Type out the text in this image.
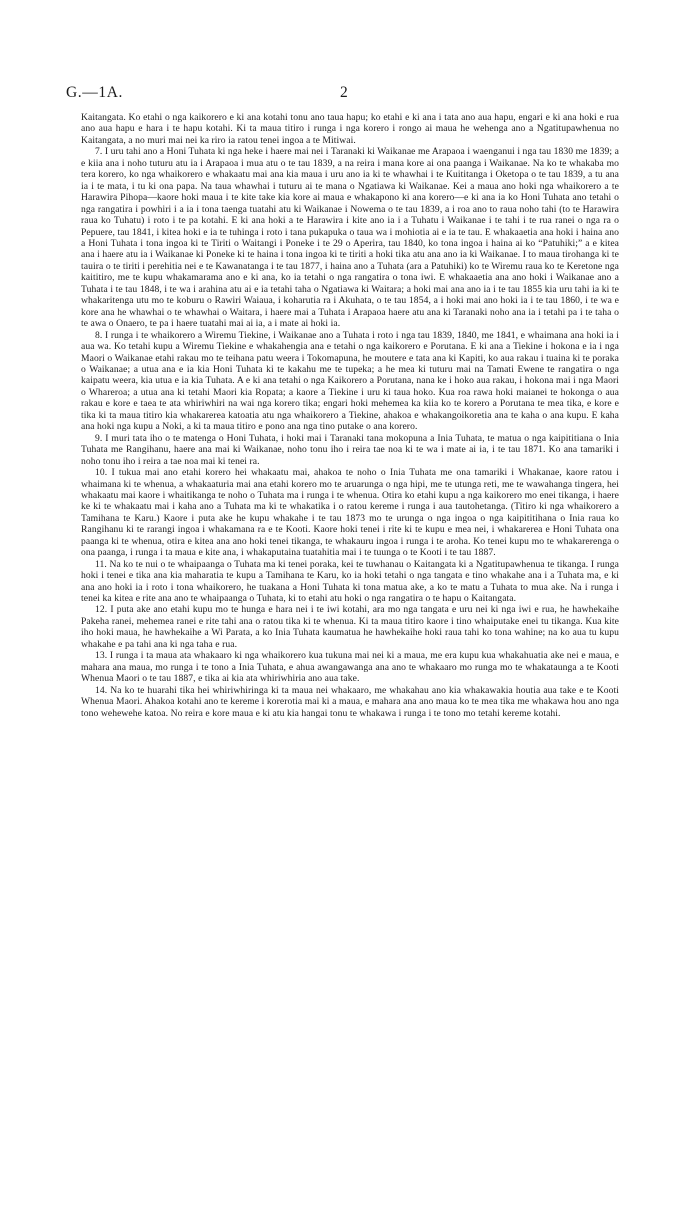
G.—1A.	2

Kaitangata. Ko etahi o nga kaikorero e ki ana kotahi tonu ano taua hapu; ko etahi e ki ana i tata ano aua hapu, engari e ki ana hoki e rua ano aua hapu e hara i te hapu kotahi. Ki ta maua titiro i runga i nga korero i rongo ai maua he wehenga ano a Ngatitupawhenua no Kaitangata, a no muri mai nei ka riro ia ratou tenei ingoa a te Mitiwai.

7. I uru tahi ano a Honi Tuhata ki nga heke i haere mai nei i Taranaki ki Waikanae me Arapaoa i waenganui i nga tau 1830 me 1839; a e kiia ana i noho tuturu atu ia i Arapaoa i mua atu o te tau 1839, a na reira i mana kore ai ona paanga i Waikanae. Na ko te whakaba mo tera korero, ko nga whaikorero e whakaatu mai ana kia maua i uru ano ia ki te whawhai i te Kuititanga i Oketopa o te tau 1839, a tu ana ia i te mata, i tu ki ona papa. Na taua whawhai i tuturu ai te mana o Ngatiawa ki Waikanae. Kei a maua ano hoki nga whaikorero a te Harawira Pihopa—kaore hoki maua i te kite take kia kore ai maua e whakapono ki ana korero—e ki ana ia ko Honi Tuhata ano tetahi o nga rangatira i powhiri i a ia i tona taenga tuatahi atu ki Waikanae i Nowema o te tau 1839, a i roa ano to raua noho tahi (to te Harawira raua ko Tuhatu) i roto i te pa kotahi. E ki ana hoki a te Harawira i kite ano ia i a Tuhatu i Waikanae i te tahi i te rua ranei o nga ra o Pepuere, tau 1841, i kitea hoki e ia te tuhinga i roto i tana pukapuka o taua wa i mohiotia ai e ia te tau. E whakaaetia ana hoki i haina ano a Honi Tuhata i tona ingoa ki te Tiriti o Waitangi i Poneke i te 29 o Aperira, tau 1840, ko tona ingoa i haina ai ko “Patuhiki;” a e kitea ana i haere atu ia i Waikanae ki Poneke ki te haina i tona ingoa ki te tiriti a hoki tika atu ana ano ia ki Waikanae. I to maua tirohanga ki te tauira o te tiriti i perehitia nei e te Kawanatanga i te tau 1877, i haina ano a Tuhata (ara a Patuhiki) ko te Wiremu raua ko te Keretone nga kaititiro, me te kupu whakamarama ano e ki ana, ko ia tetahi o nga rangatira o tona iwi. E whakaaetia ana ano hoki i Waikanae ano a Tuhata i te tau 1848, i te wa i arahina atu ai e ia tetahi taha o Ngatiawa ki Waitara; a hoki mai ana ano ia i te tau 1855 kia uru tahi ia ki te whakaritenga utu mo te koburu o Rawiri Waiaua, i koharutia ra i Akuhata, o te tau 1854, a i hoki mai ano hoki ia i te tau 1860, i te wa e kore ana he whawhai o te whawhai o Waitara, i haere mai a Tuhata i Arapaoa haere atu ana ki Taranaki noho ana ia i tetahi pa i te taha o te awa o Onaero, te pa i haere tuatahi mai ai ia, a i mate ai hoki ia.

8. I runga i te whaikorero a Wiremu Tiekine, i Waikanae ano a Tuhata i roto i nga tau 1839, 1840, me 1841, e whaimana ana hoki ia i aua wa. Ko tetahi kupu a Wiremu Tiekine e whakahengia ana e tetahi o nga kaikorero e Porutana. E ki ana a Tiekine i hokona e ia i nga Maori o Waikanae etahi rakau mo te teihana patu weera i Tokomapuna, he moutere e tata ana ki Kapiti, ko aua rakau i tuaina ki te poraka o Waikanae; a utua ana e ia kia Honi Tuhata ki te kakahu me te tupeka; a he mea ki tuturu mai na Tamati Ewene te rangatira o nga kaipatu weera, kia utua e ia kia Tuhata. A e ki ana tetahi o nga Kaikorero a Porutana, nana ke i hoko aua rakau, i hokona mai i nga Maori o Whareroa; a utua ana ki tetahi Maori kia Ropata; a kaore a Tiekine i uru ki taua hoko. Kua roa rawa hoki maianei te hokonga o aua rakau e kore e taea te ata whiriwhiri na wai nga korero tika; engari hoki mehemea ka kiia ko te korero a Porutana te mea tika, e kore e tika ki ta maua titiro kia whakarerea katoatia atu nga whaikorero a Tiekine, ahakoa e whakangoikoretia ana te kaha o ana kupu. E kaha ana hoki nga kupu a Noki, a ki ta maua titiro e pono ana nga tino putake o ana korero.

9. I muri tata iho o te matenga o Honi Tuhata, i hoki mai i Taranaki tana mokopuna a Inia Tuhata, te matua o nga kaipititiana o Inia Tuhata me Rangihanu, haere ana mai ki Waikanae, noho tonu iho i reira tae noa ki te wa i mate ai ia, i te tau 1871. Ko ana tamariki i noho tonu iho i reira a tae noa mai ki tenei ra.

10. I tukua mai ano etahi korero hei whakaatu mai, ahakoa te noho o Inia Tuhata me ona tamariki i Whakanae, kaore ratou i whaimana ki te whenua, a whakaaturia mai ana etahi korero mo te aruarunga o nga hipi, me te utunga reti, me te wawahanga tingera, hei whakaatu mai kaore i whaitikanga te noho o Tuhata ma i runga i te whenua. Otira ko etahi kupu a nga kaikorero mo enei tikanga, i haere ke ki te whakaatu mai i kaha ano a Tuhata ma ki te whakatika i o ratou kereme i runga i aua tautohetanga. (Titiro ki nga whaikorero a Tamihana te Karu.) Kaore i puta ake he kupu whakahe i te tau 1873 mo te urunga o nga ingoa o nga kaipititihana o Inia raua ko Rangihanu ki te rarangi ingoa i whakamana ra e te Kooti. Kaore hoki tenei i rite ki te kupu e mea nei, i whakarerea e Honi Tuhata ona paanga ki te whenua, otira e kitea ana ano hoki tenei tikanga, te whakauru ingoa i runga i te aroha. Ko tenei kupu mo te whakarerenga o ona paanga, i runga i ta maua e kite ana, i whakaputaina tuatahitia mai i te tuunga o te Kooti i te tau 1887.

11. Na ko te nui o te whaipaanga o Tuhata ma ki tenei poraka, kei te tuwhanau o Kaitangata ki a Ngatitupawhenua te tikanga. I runga hoki i tenei e tika ana kia maharatia te kupu a Tamihana te Karu, ko ia hoki tetahi o nga tangata e tino whakahe ana i a Tuhata ma, e ki ana ano hoki ia i roto i tona whaikorero, he tuakana a Honi Tuhata ki tona matua ake, a ko te matu a Tuhata to mua ake. Na i runga i tenei ka kitea e rite ana ano te whaipaanga o Tuhata, ki to etahi atu hoki o nga rangatira o te hapu o Kaitangata.

12. I puta ake ano etahi kupu mo te hunga e hara nei i te iwi kotahi, ara mo nga tangata e uru nei ki nga iwi e rua, he hawhekaihe Pakeha ranei, mehemea ranei e rite tahi ana o ratou tika ki te whenua. Ki ta maua titiro kaore i tino whaiputake enei tu tikanga. Kua kite iho hoki maua, he hawhekaihe a Wi Parata, a ko Inia Tuhata kaumatua he hawhekaihe hoki raua tahi ko tona wahine; na ko aua tu kupu whakahe e pa tahi ana ki nga taha e rua.

13. I runga i ta maua ata whakaaro ki nga whaikorero kua tukuna mai nei ki a maua, me era kupu kua whakahuatia ake nei e maua, e mahara ana maua, mo runga i te tono a Inia Tuhata, e ahua awangawanga ana ano te whakaaro mo runga mo te whakataunga a te Kooti Whenua Maori o te tau 1887, e tika ai kia ata whiriwhiria ano aua take.

14. Na ko te huarahi tika hei whiriwhiringa ki ta maua nei whakaaro, me whakahau ano kia whakawakia houtia aua take e te Kooti Whenua Maori. Ahakoa kotahi ano te kereme i korerotia mai ki a maua, e mahara ana ano maua ko te mea tika me whakawa hou ano nga tono wehewehe katoa. No reira e kore maua e ki atu kia hangai tonu te whakawa i runga i te tono mo tetahi kereme kotahi.
